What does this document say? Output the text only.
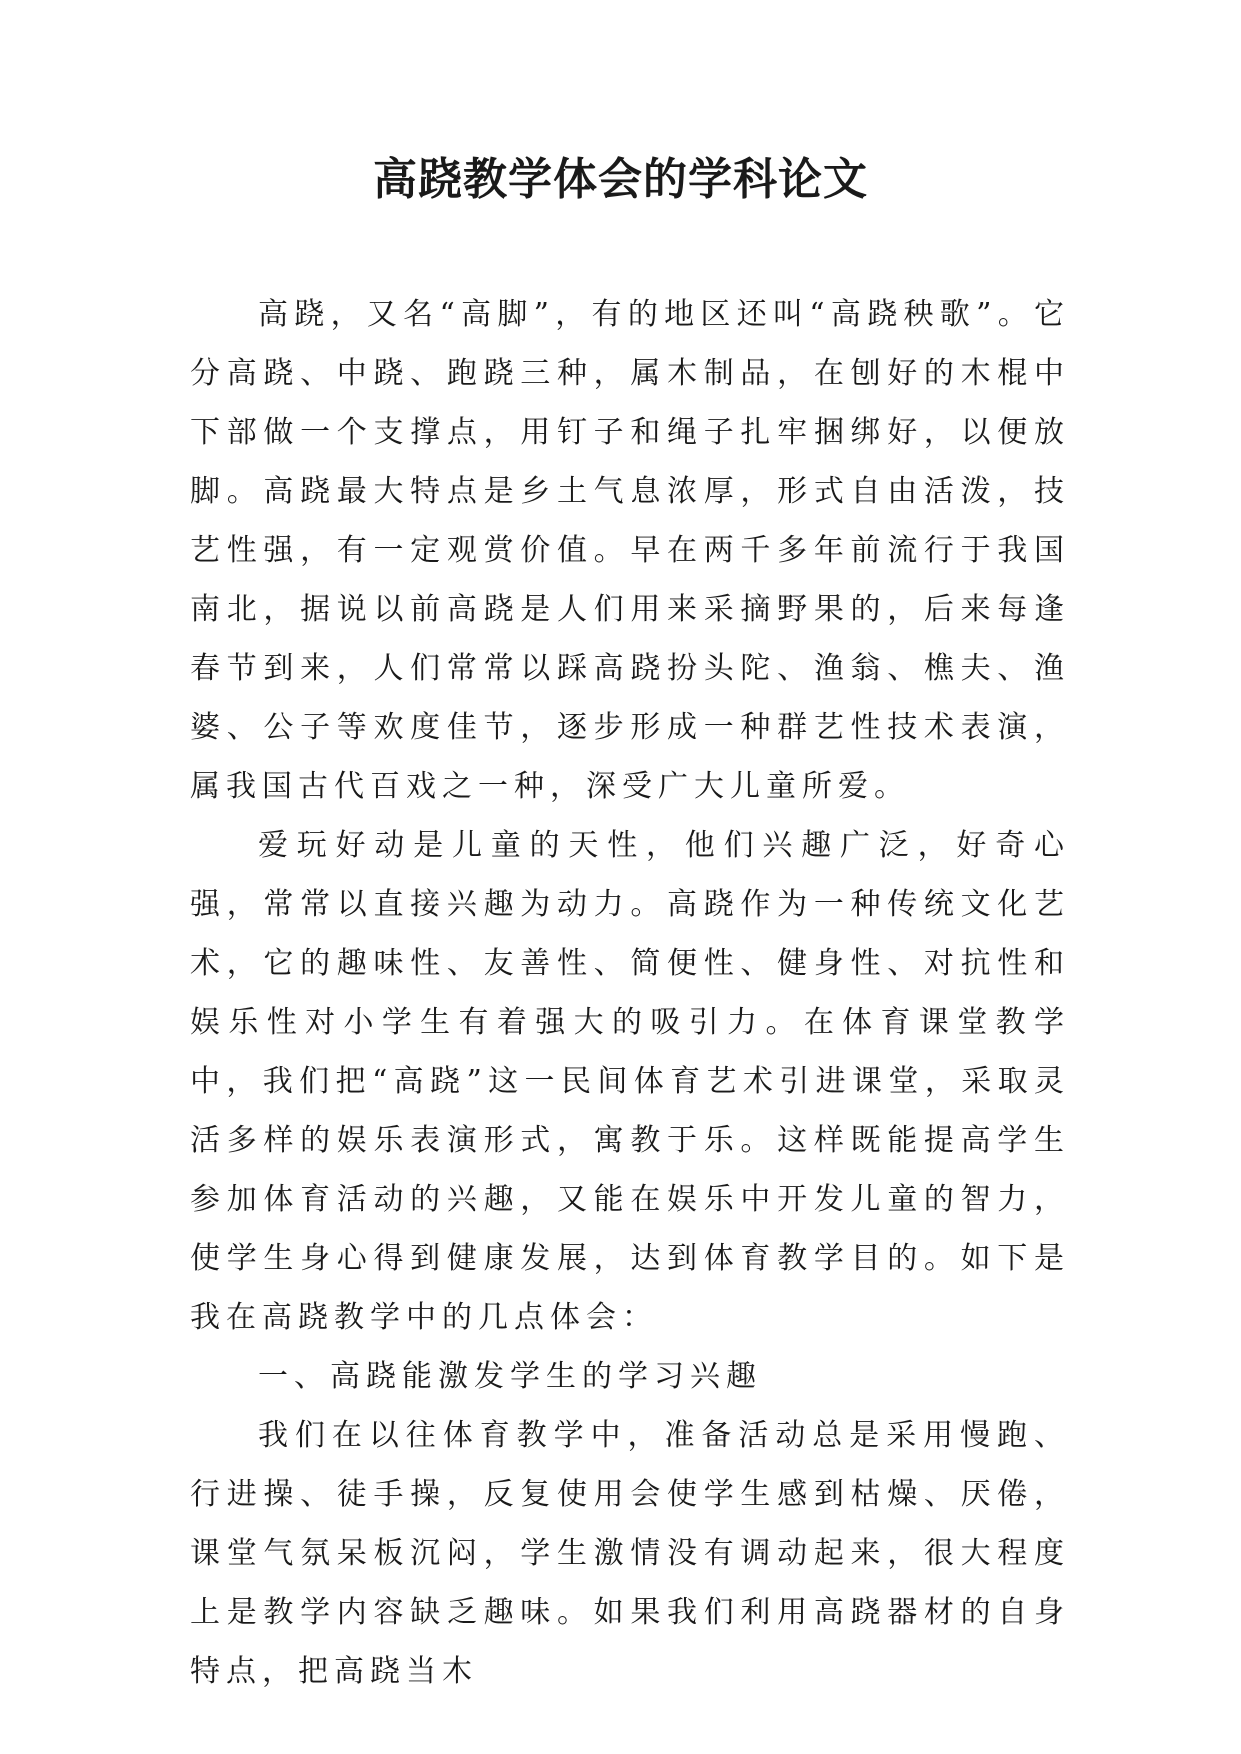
高跷教学体会的学科论文

高跷，又名“高脚”，有的地区还叫“高跷秧歌”。它分高跷、中跷、跑跷三种，属木制品，在刨好的木棍中下部做一个支撑点，用钉子和绳子扎牢捆绑好，以便放脚。高跷最大特点是乡土气息浓厚，形式自由活泼，技艺性强，有一定观赏价值。早在两千多年前流行于我国南北，据说以前高跷是人们用来采摘野果的，后来每逢春节到来，人们常常以踩高跷扮头陀、渔翁、樵夫、渔婆、公子等欢度佳节，逐步形成一种群艺性技术表演，属我国古代百戏之一种，深受广大儿童所爱。

爱玩好动是儿童的天性，他们兴趣广泛，好奇心强，常常以直接兴趣为动力。高跷作为一种传统文化艺术，它的趣味性、友善性、简便性、健身性、对抗性和娱乐性对小学生有着强大的吸引力。在体育课堂教学中，我们把“高跷”这一民间体育艺术引进课堂，采取灵活多样的娱乐表演形式，寓教于乐。这样既能提高学生参加体育活动的兴趣，又能在娱乐中开发儿童的智力，使学生身心得到健康发展，达到体育教学目的。如下是我在高跷教学中的几点体会：

一、高跷能激发学生的学习兴趣

我们在以往体育教学中，准备活动总是采用慢跑、行进操、徒手操，反复使用会使学生感到枯燥、厌倦，课堂气氛呆板沉闷，学生激情没有调动起来，很大程度上是教学内容缺乏趣味。如果我们利用高跷器材的自身特点，把高跷当木
